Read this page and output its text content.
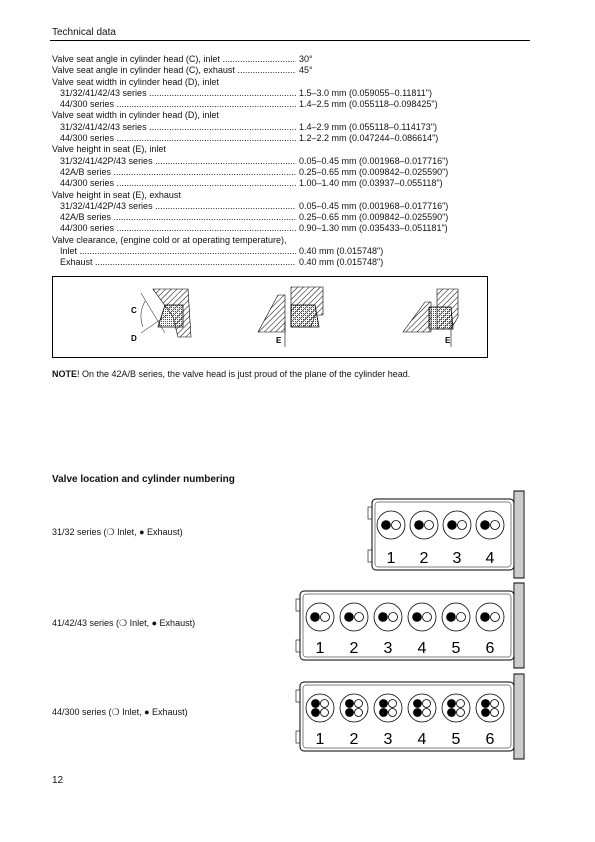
Technical data
Valve seat angle in cylinder head (C), inlet .....	30°
Valve seat angle in cylinder head (C), exhaust .....	45°
Valve seat width in cylinder head (D), inlet
31/32/41/42/43 series .....	1.5–3.0 mm (0.059055–0.11811")
44/300 series .....	1.4–2.5 mm (0.055118–0.098425")
Valve seat width in cylinder head (D), inlet
31/32/41/42/43 series .....	1.4–2.9 mm (0.055118–0.114173")
44/300 series .....	1.2–2.2 mm (0.047244–0.086614")
Valve height in seat (E), inlet
31/32/41/42P/43 series .....	0.05–0.45 mm (0.001968–0.017716")
42A/B series .....	0.25–0.65 mm (0.009842–0.025590")
44/300 series .....	1.00–1.40 mm (0.03937–0.055118")
Valve height in seat (E), exhaust
31/32/41/42P/43 series .....	0.05–0.45 mm (0.001968–0.017716")
42A/B series .....	0.25–0.65 mm (0.009842–0.025590")
44/300 series .....	0.90–1.30 mm (0.035433–0.051181")
Valve clearance, (engine cold or at operating temperature),
Inlet .....	0.40 mm (0.015748")
Exhaust .....	0.40 mm (0.015748")
C
D	E	E
NOTE! On the 42A/B series, the valve head is just proud of the plane of the cylinder head.
Valve location and cylinder numbering
31/32 series (❍ Inlet, ● Exhaust)
41/42/43 series (❍ Inlet, ● Exhaust)
44/300 series (❍ Inlet, ● Exhaust)
1 2 3 4
1 2 3 4 5 6
1 2 3 4 5 6
12
